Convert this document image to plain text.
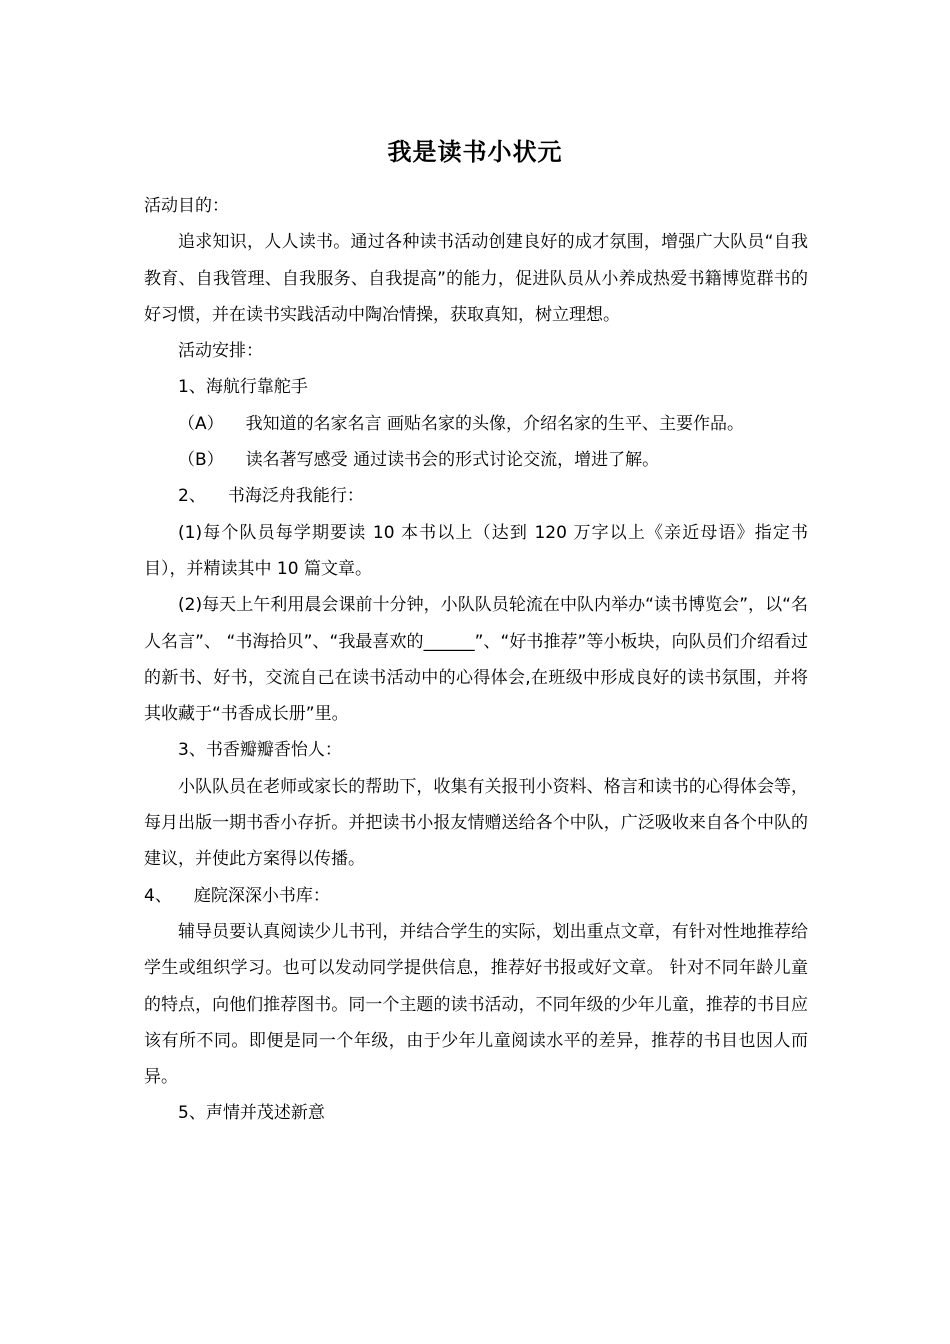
我是读书小状元

活动目的：

追求知识，人人读书。通过各种读书活动创建良好的成才氛围，增强广大队员“自我教育、自我管理、自我服务、自我提高”的能力，促进队员从小养成热爱书籍博览群书的好习惯，并在读书实践活动中陶冶情操，获取真知，树立理想。

活动安排：

1、海航行靠舵手

（A） 我知道的名家名言 画贴名家的头像，介绍名家的生平、主要作品。

（B） 读名著写感受 通过读书会的形式讨论交流，增进了解。

2、 书海泛舟我能行：

(1)每个队员每学期要读 10 本书以上（达到 120 万字以上《亲近母语》指定书目），并精读其中 10 篇文章。

(2)每天上午利用晨会课前十分钟，小队队员轮流在中队内举办“读书博览会”，以“名人名言”、 “书海拾贝”、“我最喜欢的______”、“好书推荐”等小板块，向队员们介绍看过的新书、好书，交流自己在读书活动中的心得体会,在班级中形成良好的读书氛围，并将其收藏于“书香成长册”里。

3、书香瓣瓣香怡人：

小队队员在老师或家长的帮助下，收集有关报刊小资料、格言和读书的心得体会等，每月出版一期书香小存折。并把读书小报友情赠送给各个中队，广泛吸收来自各个中队的建议，并使此方案得以传播。

4、 庭院深深小书库：

辅导员要认真阅读少儿书刊，并结合学生的实际，划出重点文章，有针对性地推荐给学生或组织学习。也可以发动同学提供信息，推荐好书报或好文章。 针对不同年龄儿童的特点，向他们推荐图书。同一个主题的读书活动，不同年级的少年儿童，推荐的书目应该有所不同。即便是同一个年级，由于少年儿童阅读水平的差异，推荐的书目也因人而异。

5、声情并茂述新意
